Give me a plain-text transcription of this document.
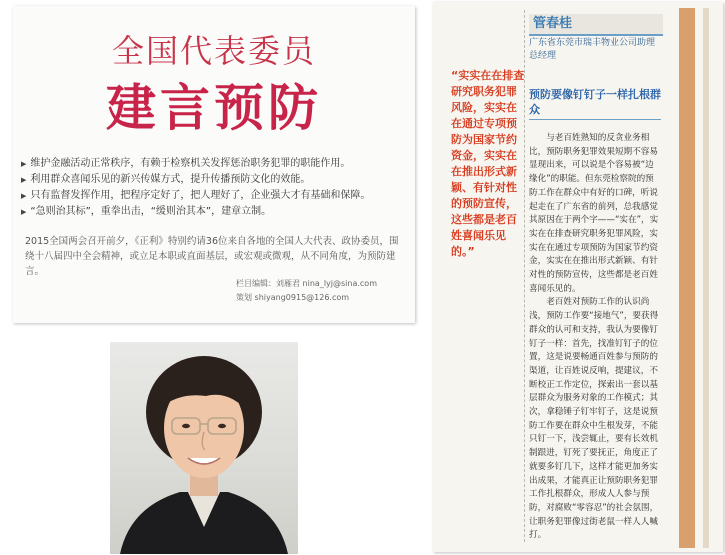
全国代表委员
建言预防
▶ 维护金融活动正常秩序，有赖于检察机关发挥惩治职务犯罪的职能作用。
▶ 利用群众喜闻乐见的新兴传媒方式，提升传播预防文化的效能。
▶ 只有监督发挥作用，把程序定好了，把人理好了，企业强大才有基础和保障。
▶ “急则治其标”，重拳出击，“缓则治其本”，建章立制。
2015全国两会召开前夕，《正利》特别约请36位来自各地的全国人大代表、政协委员，围绕十八届四中全会精神，或立足本职或直面基层，或宏观或微观，从不同角度，为预防建言。
栏目编辑：刘雁君 nina_lyj@sina.com
策划 shiyang0915@126.com
“实实在在排查研究职务犯罪风险，实实在在通过专项预防为国家节约资金，实实在在推出形式新颖、有针对性的预防宣传，这些都是老百姓喜闻乐见的。”
管春桂
广东省东莞市瑞丰物业公司助理总经理
预防要像钉钉子一样扎根群众

与老百姓熟知的反贪业务相比，预防职务犯罪效果短期不容易显现出来，可以说是个容易被“边缘化”的职能。但东莞检察院的预防工作在群众中有好的口碑，听说起走在了广东省的前列，总我感觉其原因在于两个字——“实在”，实实在在排查研究职务犯罪风险，实实在在通过专项预防为国家节约资金，实实在在推出形式新颖、有针对性的预防宣传，这些都是老百姓喜闻乐见的。

老百姓对预防工作的认识尚浅，预防工作要“接地气”，要获得群众的认可和支持，我认为要像钉钉子一样：首先，找准钉钉子的位置，这是说要畅通百姓参与预防的渠道，让百姓说反响，提建议，不断校正工作定位，探索出一套以基层群众为服务对象的工作模式；其次，拿稳锤子钉牢钉子，这是说预防工作要在群众中生根发芽，不能只钉一下，浅尝辄止，要有长效机制跟进，钉死了要抚正，角度正了就要多钉几下，这样才能更加务实出成果，才能真正让预防职务犯罪工作扎根群众，形成人人参与预防，对腐败“零容忍”的社会氛围，让职务犯罪像过街老鼠一样人人喊打。
